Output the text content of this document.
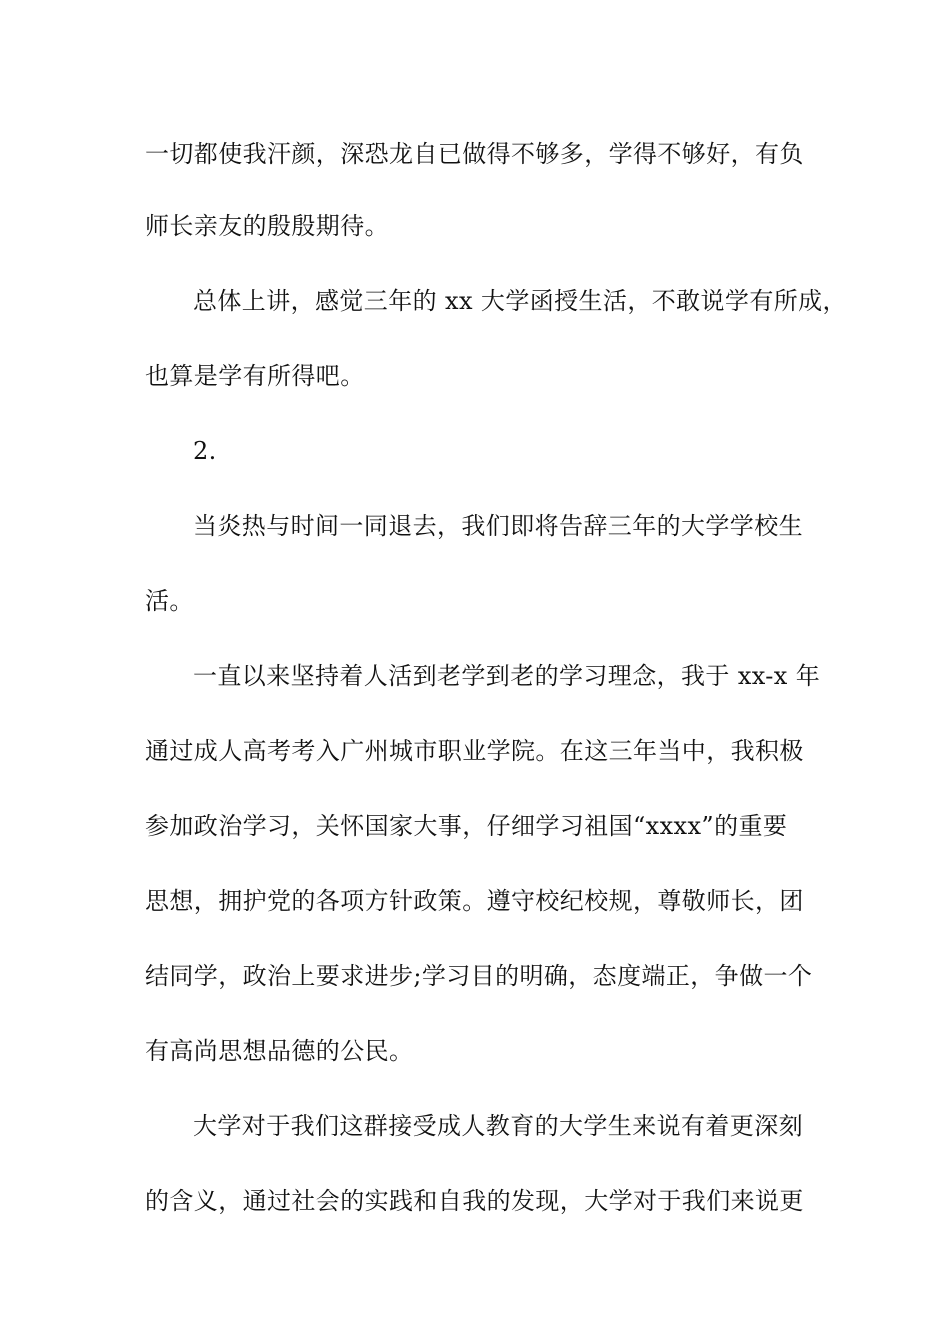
一切都使我汗颜，深恐龙自已做得不够多，学得不够好，有负
师长亲友的殷殷期待。
总体上讲，感觉三年的 xx 大学函授生活，不敢说学有所成，
也算是学有所得吧。
2.
当炎热与时间一同退去，我们即将告辞三年的大学学校生
活。
一直以来坚持着人活到老学到老的学习理念，我于 xx-x 年
通过成人高考考入广州城市职业学院。在这三年当中，我积极
参加政治学习，关怀国家大事，仔细学习祖国“xxxx”的重要
思想，拥护党的各项方针政策。遵守校纪校规，尊敬师长，团
结同学，政治上要求进步;学习目的明确，态度端正，争做一个
有高尚思想品德的公民。
大学对于我们这群接受成人教育的大学生来说有着更深刻
的含义，通过社会的实践和自我的发现，大学对于我们来说更
